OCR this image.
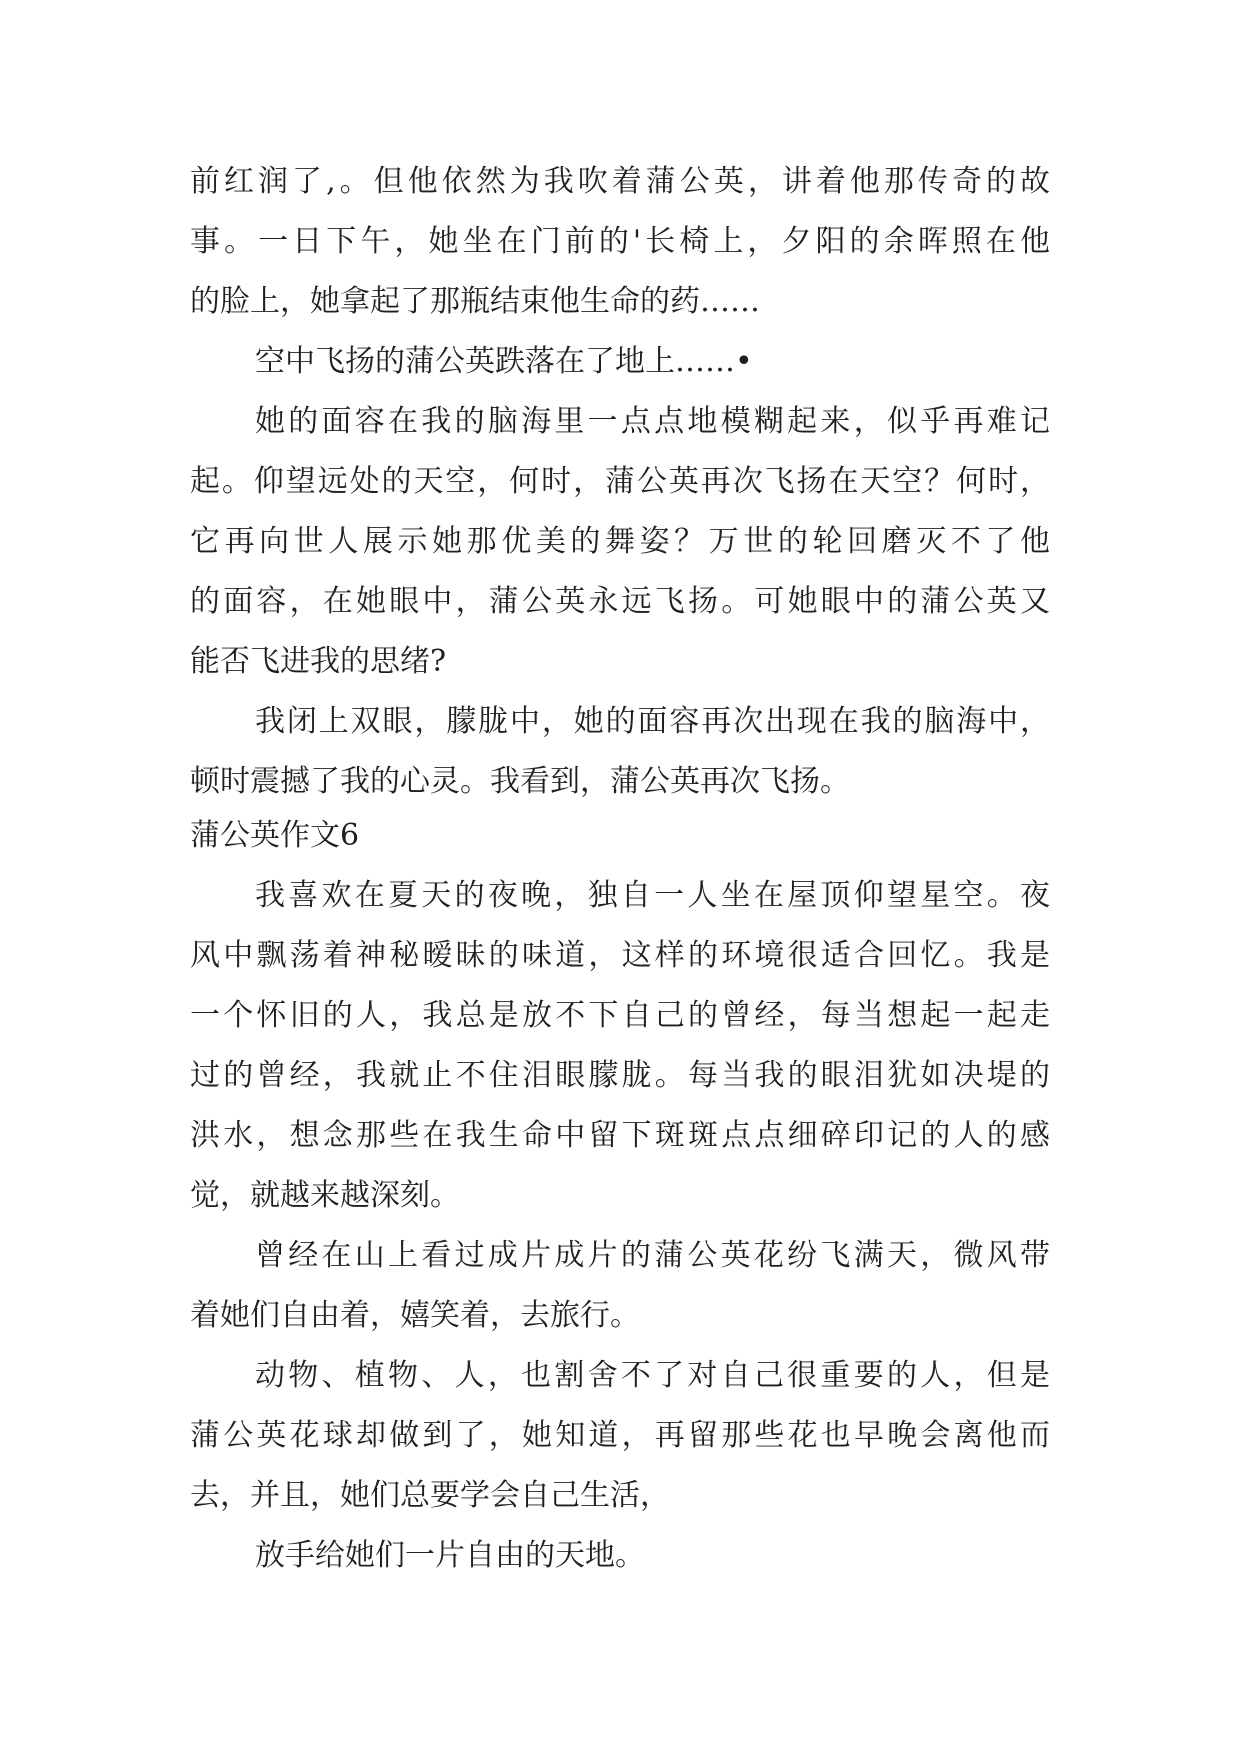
前红润了,。但他依然为我吹着蒲公英，讲着他那传奇的故
事。一日下午，她坐在门前的'长椅上，夕阳的余晖照在他
的脸上，她拿起了那瓶结束他生命的药……
空中飞扬的蒲公英跌落在了地上……•
她的面容在我的脑海里一点点地模糊起来，似乎再难记
起。仰望远处的天空，何时，蒲公英再次飞扬在天空？何时，
它再向世人展示她那优美的舞姿？万世的轮回磨灭不了他
的面容，在她眼中，蒲公英永远飞扬。可她眼中的蒲公英又
能否飞进我的思绪?
我闭上双眼，朦胧中，她的面容再次出现在我的脑海中，
顿时震撼了我的心灵。我看到，蒲公英再次飞扬。
蒲公英作文6
我喜欢在夏天的夜晚，独自一人坐在屋顶仰望星空。夜
风中飘荡着神秘暧昧的味道，这样的环境很适合回忆。我是
一个怀旧的人，我总是放不下自己的曾经，每当想起一起走
过的曾经，我就止不住泪眼朦胧。每当我的眼泪犹如决堤的
洪水，想念那些在我生命中留下斑斑点点细碎印记的人的感
觉，就越来越深刻。
曾经在山上看过成片成片的蒲公英花纷飞满天，微风带
着她们自由着，嬉笑着，去旅行。
动物、植物、人，也割舍不了对自己很重要的人，但是
蒲公英花球却做到了，她知道，再留那些花也早晚会离他而
去，并且，她们总要学会自己生活，
放手给她们一片自由的天地。
